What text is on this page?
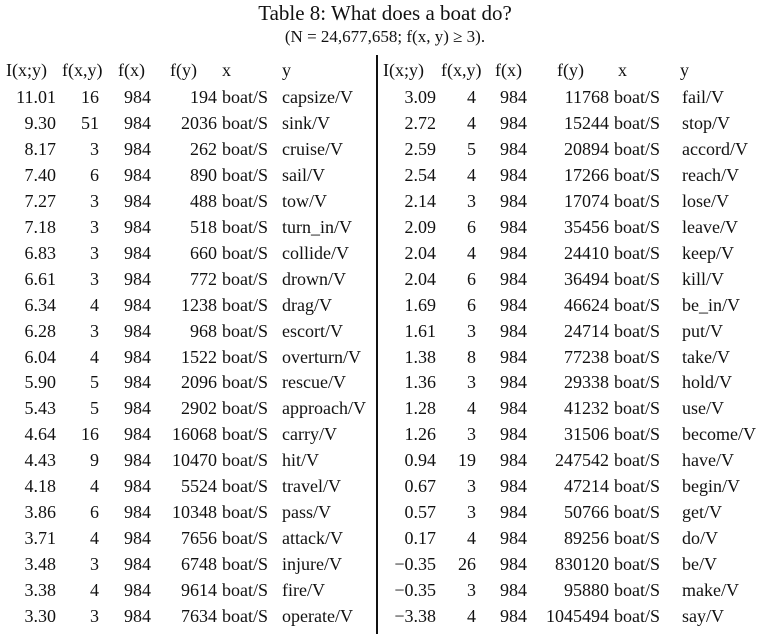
Table 8: What does a boat do?
(N = 24,677,658; f(x, y) ≥ 3).
I(x;y) f(x,y) f(x) f(y) x	y
11.01 16 984 194 boat/S capsize/V
9.30 51 984 2036 boat/S sink/V
8.17 3 984 262 boat/S cruise/V
7.40 6 984 890 boat/S sail/V
7.27 3 984 488 boat/S tow/V
7.18 3 984 518 boat/S turn_in/V
6.83 3 984 660 boat/S collide/V
6.61 3 984 772 boat/S drown/V
6.34 4 984 1238 boat/S drag/V
6.28 3 984 968 boat/S escort/V
6.04 4 984 1522 boat/S overturn/V
5.90 5 984 2096 boat/S rescue/V
5.43 5 984 2902 boat/S approach/V
4.64 16 984 16068 boat/S carry/V
4.43 9 984 10470 boat/S hit/V
4.18 4 984 5524 boat/S travel/V
3.86 6 984 10348 boat/S pass/V
3.71 4 984 7656 boat/S attack/V
3.48 3 984 6748 boat/S injure/V
3.38 4 984 9614 boat/S fire/V
3.30 3 984 7634 boat/S operate/V
I(x;y) f(x,y) f(x) f(y) x	y
3.09 4 984 11768 boat/S fail/V
2.72 4 984 15244 boat/S stop/V
2.59 5 984 20894 boat/S accord/V
2.54 4 984 17266 boat/S reach/V
2.14 3 984 17074 boat/S lose/V
2.09 6 984 35456 boat/S leave/V
2.04 4 984 24410 boat/S keep/V
2.04 6 984 36494 boat/S kill/V
1.69 6 984 46624 boat/S be_in/V
1.61 3 984 24714 boat/S put/V
1.38 8 984 77238 boat/S take/V
1.36 3 984 29338 boat/S hold/V
1.28 4 984 41232 boat/S use/V
1.26 3 984 31506 boat/S become/V
0.94 19 984 247542 boat/S have/V
0.67 3 984 47214 boat/S begin/V
0.57 3 984 50766 boat/S get/V
0.17 4 984 89256 boat/S do/V
−0.35 26 984 830120 boat/S be/V
−0.35 3 984 95880 boat/S make/V
−3.38 4 984 1045494 boat/S say/V
